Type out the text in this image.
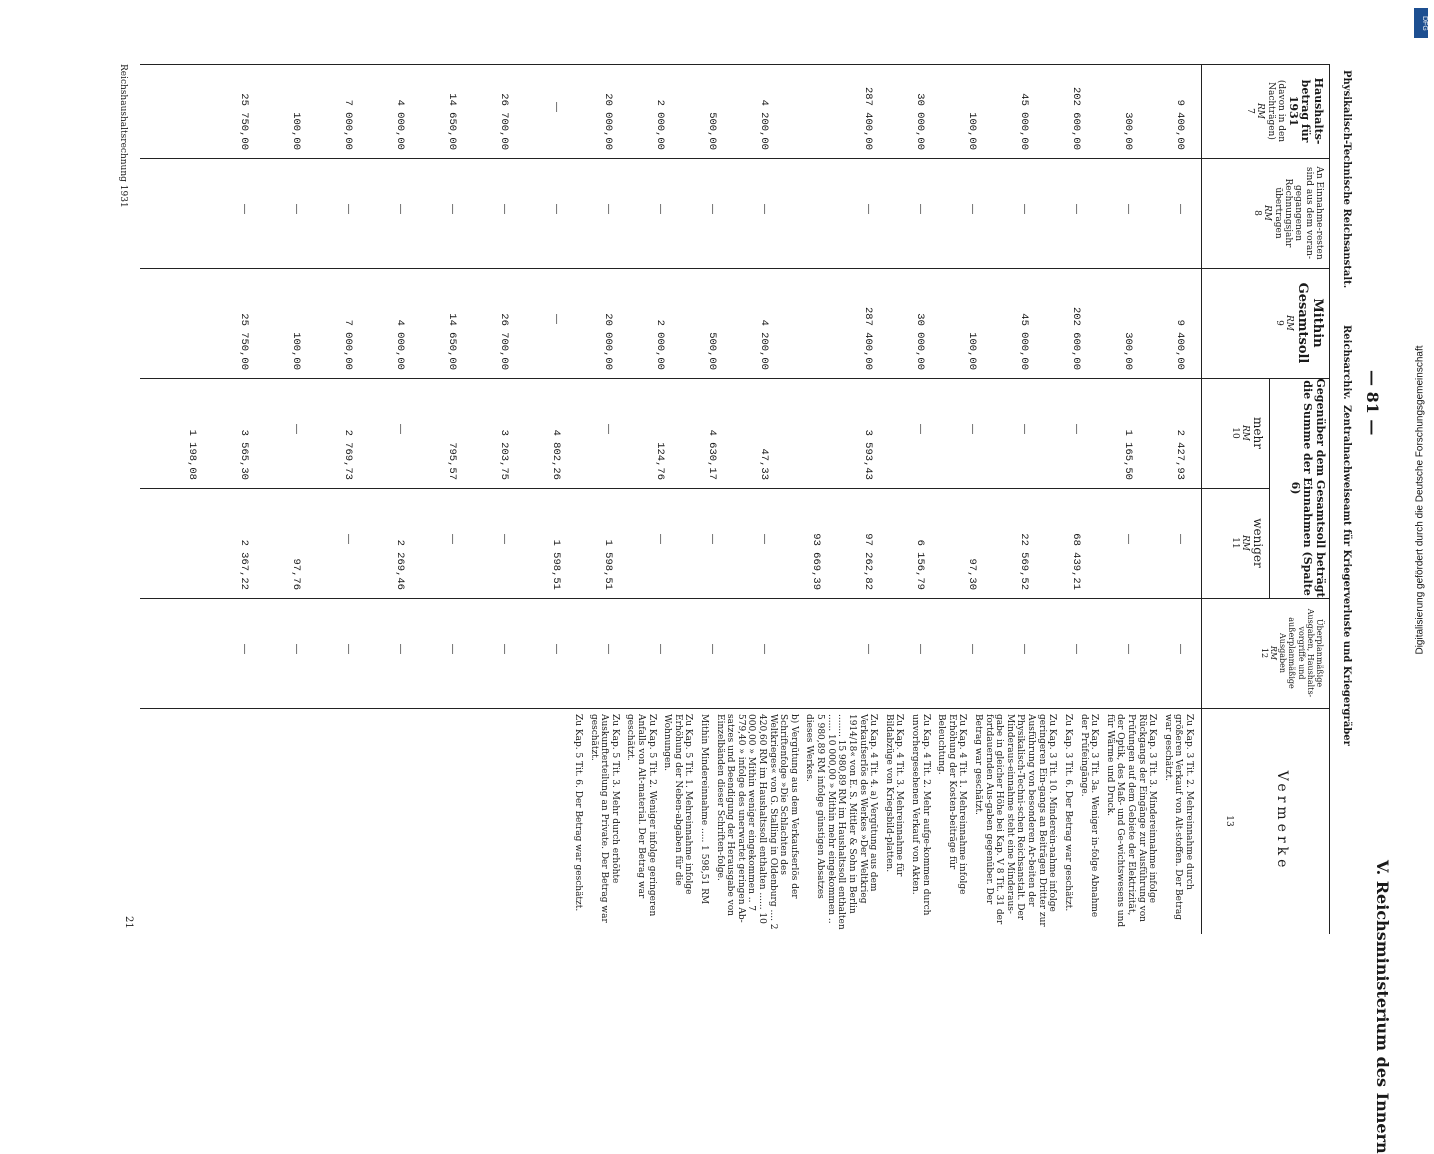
— 81 —
V. Reichsministerium des Innern
Physikalisch-Technische Reichsanstalt.
Reichsarchiv.
Zentralnachweiseamt für Kriegerverluste und Kriegergräber
Haushalts-betrag für 1931
(davon in den Nachträgen)
RM
7
An Einnahme-resten sind aus dem voran-gegangenen Rechnungsjahr übertragen
RM
8
Mithin Gesamtsoll
RM
9
Gegenüber dem Gesamtsoll beträgt die Summe der Einnahmen (Spalte 6)
mehr
RM
10
weniger
RM
11
Überplanmäßige Ausgaben, Haushalts-vorgriffe und außerplanmäßige Ausgaben
RM
12
Vermerke
13
9 400,00
—
9 400,00
2 427,93
—
—
300,00
—
300,00
1 165,50
—
—
202 600,00
—
202 600,00
—
68 439,21
—
45 000,00
—
45 000,00
—
22 569,52
—
100,00
—
100,00
—
97,30
—
30 000,00
—
30 000,00
—
6 156,79
—
287 400,00
—
287 400,00
3 593,43
97 262,82
—
93 669,39
4 200,00
—
4 200,00
47,33
—
—
500,00
—
500,00
4 630,17
—
—
2 000,00
—
2 000,00
124,76
—
—
20 000,00
—
20 000,00
—
1 598,51
—
—
—
—
4 802,26
1 598,51
—
26 700,00
—
26 700,00
3 203,75
—
—
14 650,00
—
14 650,00
795,57
—
—
4 000,00
—
4 000,00
—
2 269,46
—
7 000,00
—
7 000,00
2 769,73
—
—
100,00
—
100,00
—
97,76
—
25 750,00
—
25 750,00
3 565,30
2 367,22
—
1 198,08
Zu Kap. 3 Tit. 2. Mehreinnahme durch größeren Verkauf von Alt-stoffen. Der Betrag war geschätzt.
Zu Kap. 3 Tit. 3. Mindereinnahme infolge Rückgangs der Eingänge zur Ausführung von Prüfungen auf dem Gebiete der Elektrizität, der Optik, des Maß- und Ge-wichtswesens und für Wärme und Druck.
Zu Kap. 3 Tit. 3a. Weniger in-folge Abnahme der Prüfeingänge.
Zu Kap. 3 Tit. 6. Der Betrag war geschätzt.
Zu Kap. 3 Tit. 10. Minderein-nahme infolge geringeren Ein-gangs an Beiträgen Dritter zur Ausführung von besonderen Ar-beiten der Physikalisch-Techni-schen Reichsanstalt. Der Minderaus-einnahme steht eine Minderaus-gabe in gleicher Höhe bei Kap. V 8 Tit. 31 der fortdauernden Aus-gaben gegenüber. Der Betrag war geschätzt.
Zu Kap. 4 Tit. 1. Mehreinnahme infolge Erhöhung der Kosten-beiträge für Beleuchtung.
Zu Kap. 4 Tit. 2. Mehr aufge-kommen durch unvorhergesehenen Verkauf von Akten.
Zu Kap. 4 Tit. 3. Mehreinnahme für Bildabzüge von Kriegsbild-platten.
Zu Kap. 4 Tit. 4. a) Vergütung aus dem Verkaufserlös des Werkes »Der Weltkrieg 1914/18« von E. S. Mittler & Sohn in Berlin ........ 15 980,89 RM im Haushaltssoll enthalten ...... 10 000,00 » Mithin mehr eingekommen .. 5 980,89 RM infolge günstigen Absatzes dieses Werkes.
b) Vergütung aus dem Verkaufserlös der Schriftenfolge »Die Schlachten des Weltkrieges« von G. Stalling in Oldenburg .... 2 420,60 RM im Haushaltssoll enthalten ...... 10 000,00 » Mithin weniger eingekommen .. 7 579,40 » infolge des unerwartet geringen Ab-satzes und Beendigung der Herausgabe von Einzelbänden dieser Schriften-folge.
Mithin Mindereinnahme ..... 1 598,51 RM
Zu Kap. 5 Tit. 1. Mehreinnahme infolge Erhöhung der Neben-abgaben für die Wohnungen.
Zu Kap. 5 Tit. 2. Weniger infolge geringeren Anfalls von Alt-material. Der Betrag war geschätzt.
Zu Kap. 5 Tit. 3. Mehr durch erhöhte Auskunfterteilung an Private. Der Betrag war geschätzt.
Zu Kap. 5 Tit. 6. Der Betrag war geschätzt.
Reichshaushaltsrechnung 1931
21
DFG
Digitalisierung gefördert durch die Deutsche Forschungsgemeinschaft
